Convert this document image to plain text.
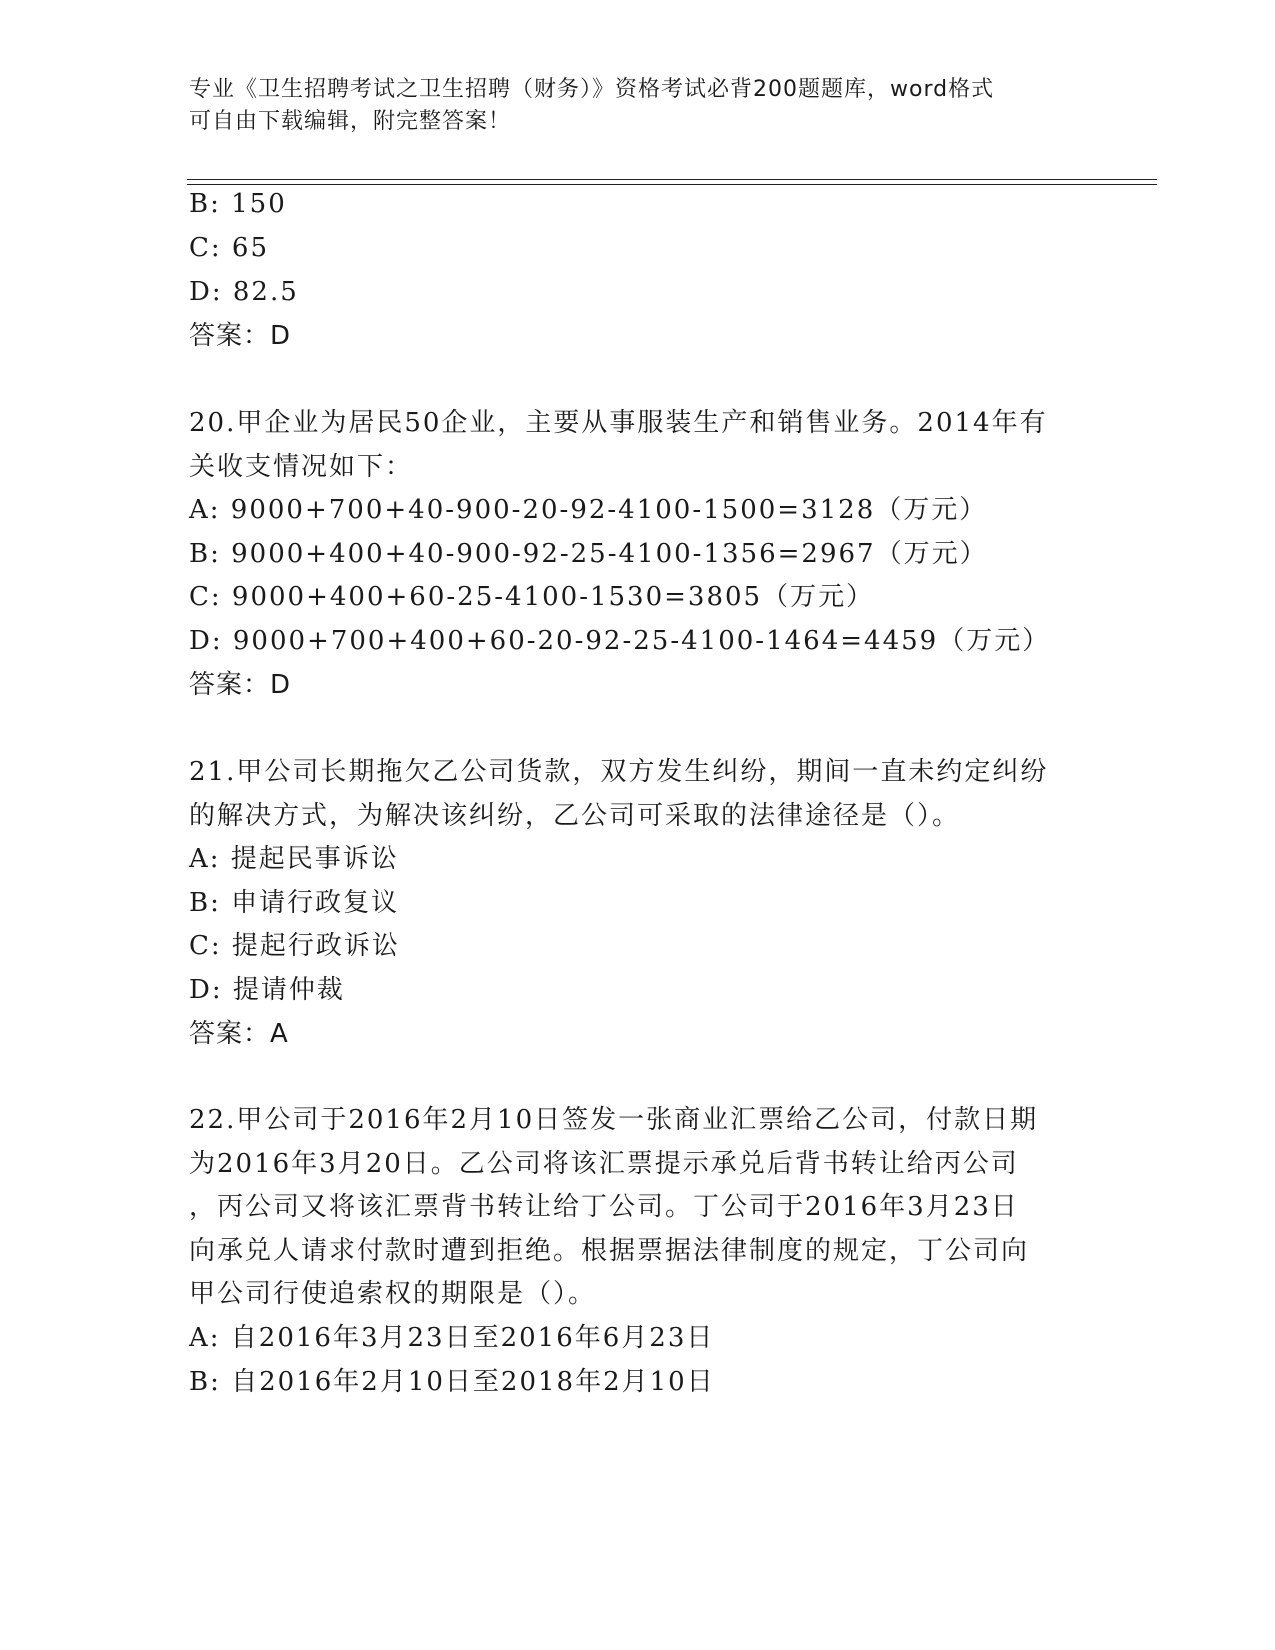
专业《卫生招聘考试之卫生招聘（财务）》资格考试必背200题题库，word格式
可自由下载编辑，附完整答案！
B: 150
C: 65
D: 82.5
答案：D
20.甲企业为居民50企业，主要从事服装生产和销售业务。2014年有
关收支情况如下：
A: 9000+700+40-900-20-92-4100-1500=3128（万元）
B: 9000+400+40-900-92-25-4100-1356=2967（万元）
C: 9000+400+60-25-4100-1530=3805（万元）
D: 9000+700+400+60-20-92-25-4100-1464=4459（万元）
答案：D
21.甲公司长期拖欠乙公司货款，双方发生纠纷，期间一直未约定纠纷
的解决方式，为解决该纠纷，乙公司可采取的法律途径是（）。
A: 提起民事诉讼
B: 申请行政复议
C: 提起行政诉讼
D: 提请仲裁
答案：A
22.甲公司于2016年2月10日签发一张商业汇票给乙公司，付款日期
为2016年3月20日。乙公司将该汇票提示承兑后背书转让给丙公司
，丙公司又将该汇票背书转让给丁公司。丁公司于2016年3月23日
向承兑人请求付款时遭到拒绝。根据票据法律制度的规定，丁公司向
甲公司行使追索权的期限是（）。
A: 自2016年3月23日至2016年6月23日
B: 自2016年2月10日至2018年2月10日
